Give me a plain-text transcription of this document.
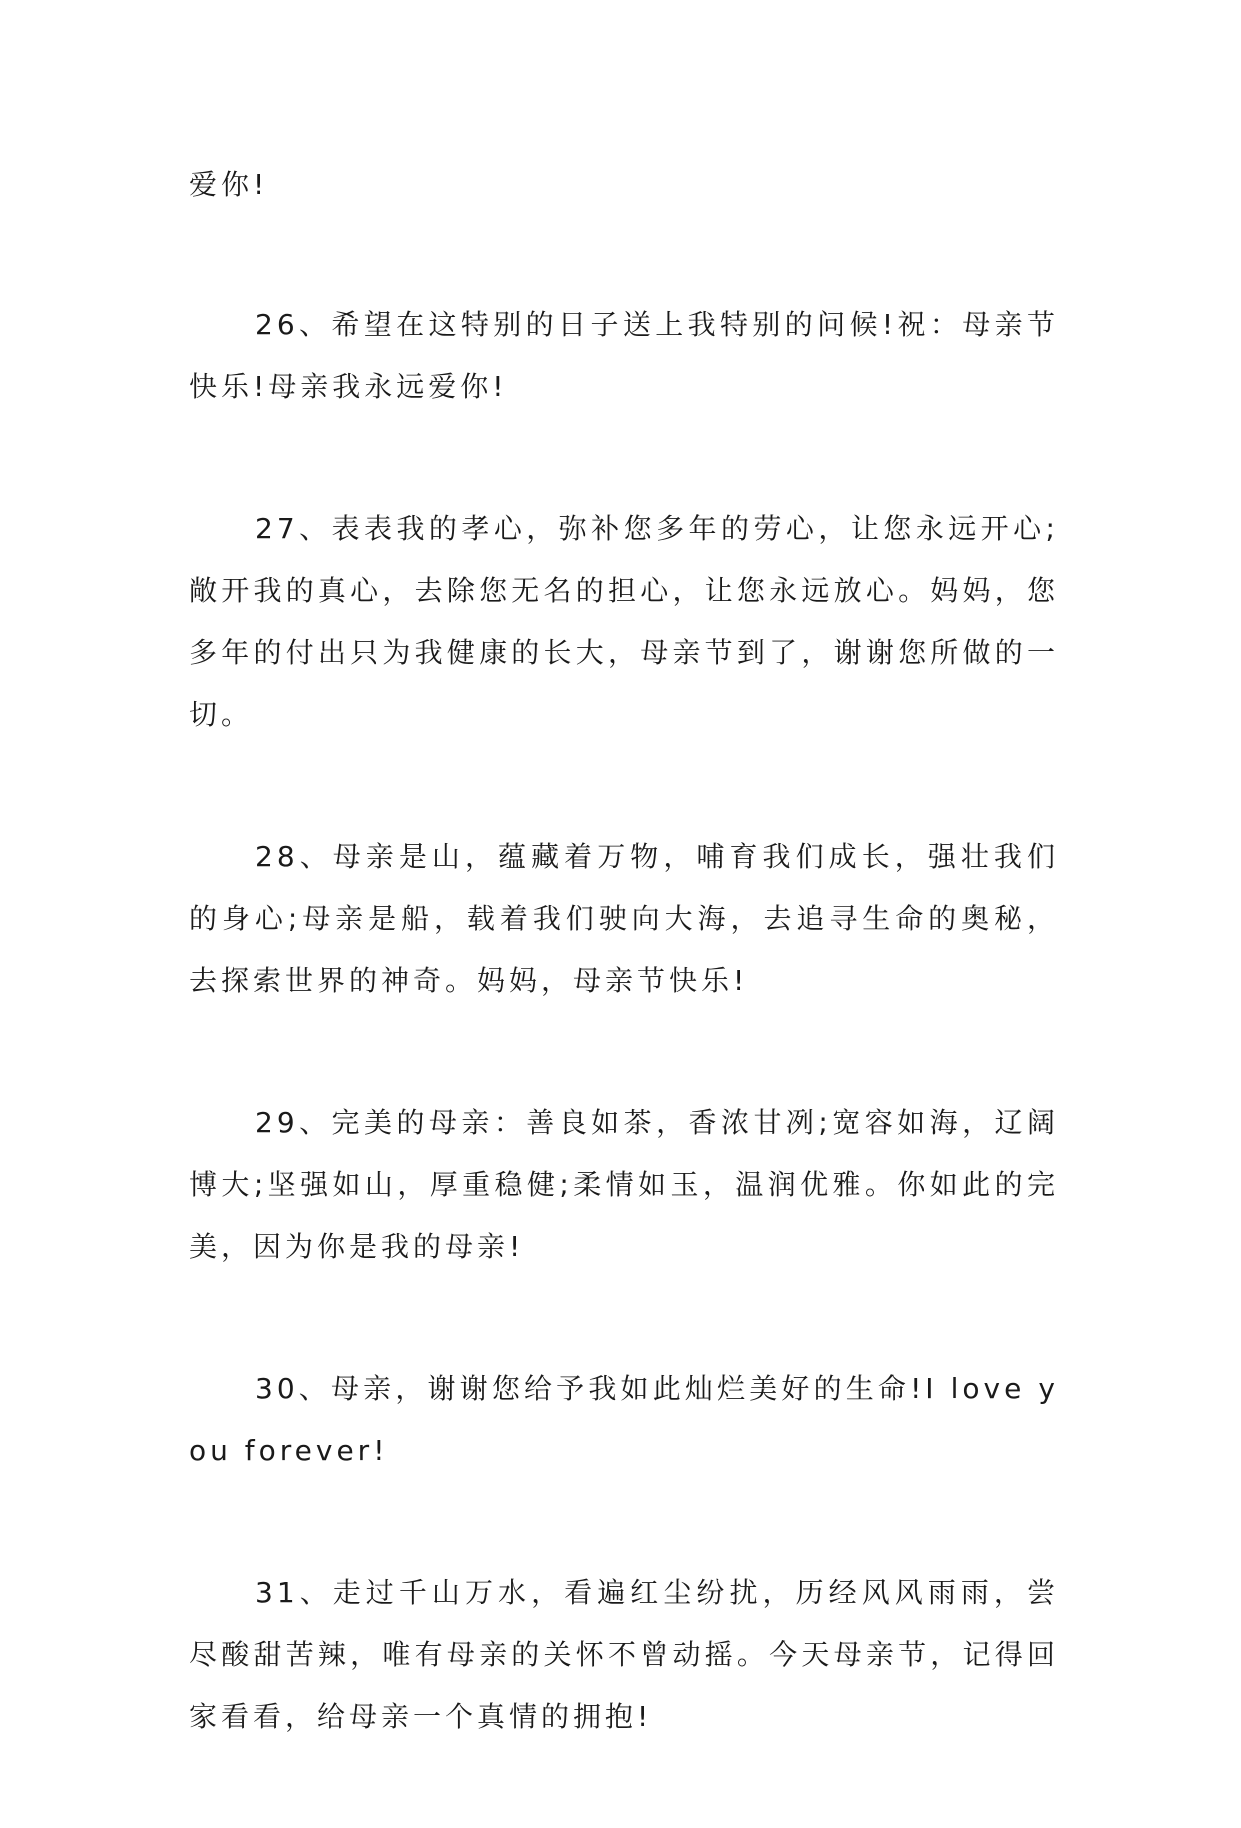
爱你!

26、希望在这特别的日子送上我特别的问候!祝：母亲节快乐!母亲我永远爱你!

27、表表我的孝心，弥补您多年的劳心，让您永远开心;敞开我的真心，去除您无名的担心，让您永远放心。妈妈，您多年的付出只为我健康的长大，母亲节到了，谢谢您所做的一切。

28、母亲是山，蕴藏着万物，哺育我们成长，强壮我们的身心;母亲是船，载着我们驶向大海，去追寻生命的奥秘，去探索世界的神奇。妈妈，母亲节快乐!

29、完美的母亲：善良如茶，香浓甘冽;宽容如海，辽阔博大;坚强如山，厚重稳健;柔情如玉，温润优雅。你如此的完美，因为你是我的母亲!

30、母亲，谢谢您给予我如此灿烂美好的生命!I love you forever!

31、走过千山万水，看遍红尘纷扰，历经风风雨雨，尝尽酸甜苦辣，唯有母亲的关怀不曾动摇。今天母亲节，记得回家看看，给母亲一个真情的拥抱!
